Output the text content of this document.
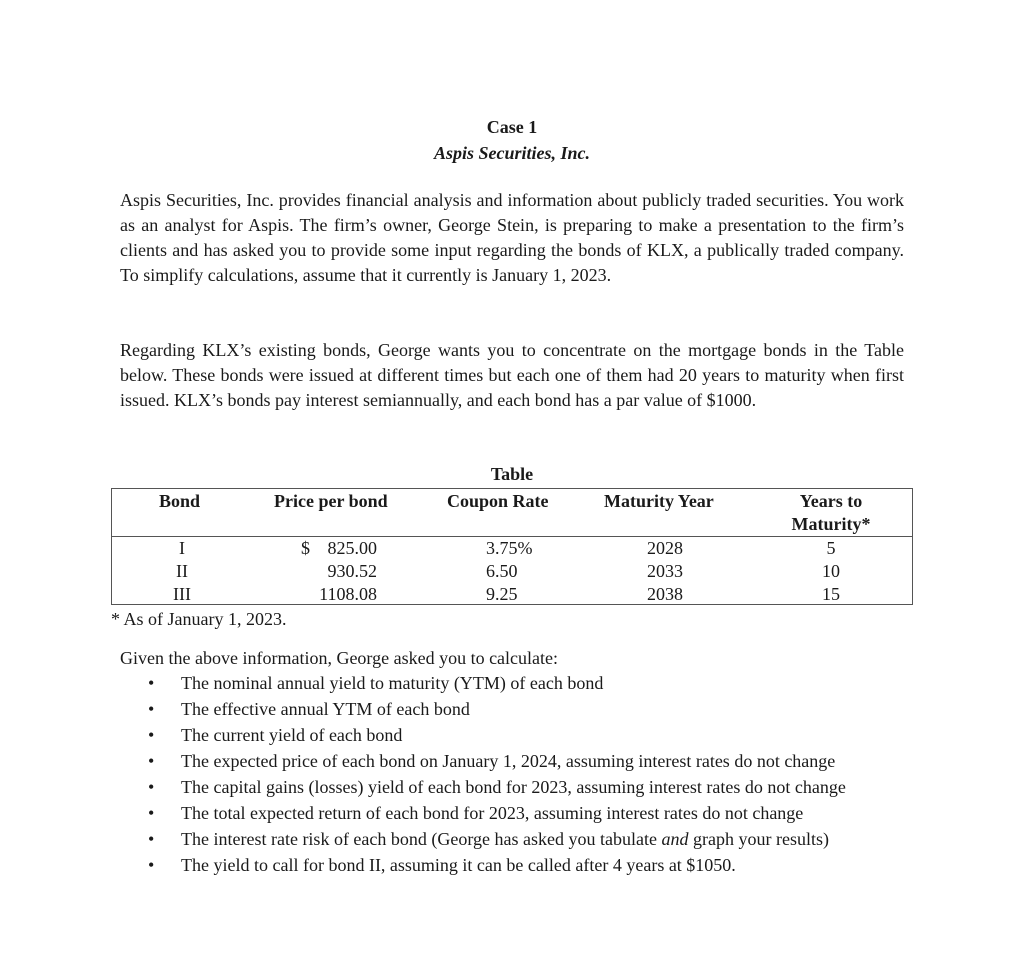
Case 1
Aspis Securities, Inc.
Aspis Securities, Inc. provides financial analysis and information about publicly traded securities. You work as an analyst for Aspis. The firm’s owner, George Stein, is preparing to make a presentation to the firm’s clients and has asked you to provide some input regarding the bonds of KLX, a publically traded company. To simplify calculations, assume that it currently is January 1, 2023.
Regarding KLX’s existing bonds, George wants you to concentrate on the mortgage bonds in the Table below. These bonds were issued at different times but each one of them had 20 years to maturity when first issued. KLX’s bonds pay interest semiannually, and each bond has a par value of $1000.
Table
Bond	Price per bond	Coupon Rate	Maturity Year	Years to
Maturity*
I	$ 825.00	3.75%	2028	5
II	930.52	6.50	2033	10
III	1108.08	9.25	2038	15
* As of January 1, 2023.
Given the above information, George asked you to calculate:
• The nominal annual yield to maturity (YTM) of each bond
• The effective annual YTM of each bond
• The current yield of each bond
• The expected price of each bond on January 1, 2024, assuming interest rates do not change
• The capital gains (losses) yield of each bond for 2023, assuming interest rates do not change
• The total expected return of each bond for 2023, assuming interest rates do not change
• The interest rate risk of each bond (George has asked you tabulate and graph your results)
• The yield to call for bond II, assuming it can be called after 4 years at $1050.
